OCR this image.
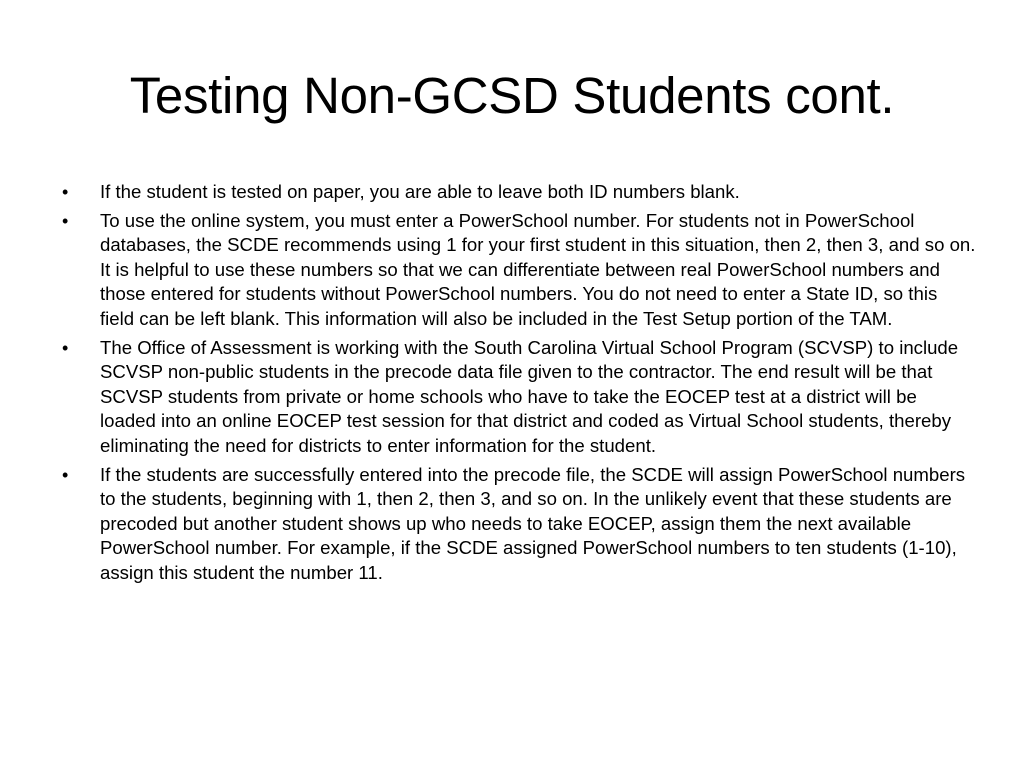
Testing Non-GCSD Students cont.
• If the student is tested on paper, you are able to leave both ID numbers blank.
• To use the online system, you must enter a PowerSchool number. For students not in PowerSchool databases, the SCDE recommends using 1 for your first student in this situation, then 2, then 3, and so on. It is helpful to use these numbers so that we can differentiate between real PowerSchool numbers and those entered for students without PowerSchool numbers. You do not need to enter a State ID, so this field can be left blank. This information will also be included in the Test Setup portion of the TAM.
• The Office of Assessment is working with the South Carolina Virtual School Program (SCVSP) to include SCVSP non-public students in the precode data file given to the contractor. The end result will be that SCVSP students from private or home schools who have to take the EOCEP test at a district will be loaded into an online EOCEP test session for that district and coded as Virtual School students, thereby eliminating the need for districts to enter information for the student.
• If the students are successfully entered into the precode file, the SCDE will assign PowerSchool numbers to the students, beginning with 1, then 2, then 3, and so on. In the unlikely event that these students are precoded but another student shows up who needs to take EOCEP, assign them the next available PowerSchool number. For example, if the SCDE assigned PowerSchool numbers to ten students (1-10), assign this student the number 11.
